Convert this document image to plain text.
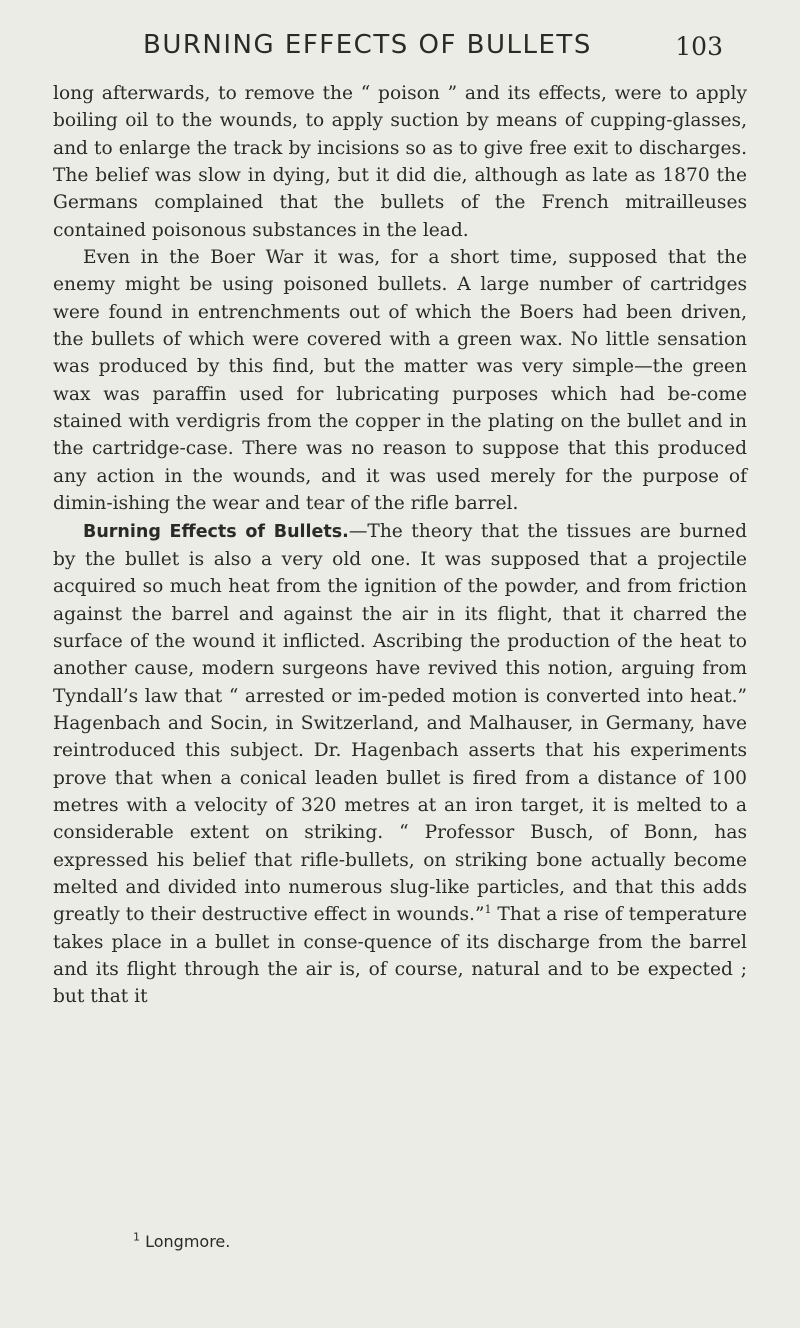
BURNING EFFECTS OF BULLETS	103

long afterwards, to remove the “ poison ” and its effects, were to apply boiling oil to the wounds, to apply suction by means of cupping-glasses, and to enlarge the track by incisions so as to give free exit to discharges. The belief was slow in dying, but it did die, although as late as 1870 the Germans complained that the bullets of the French mitrailleuses contained poisonous substances in the lead.

Even in the Boer War it was, for a short time, supposed that the enemy might be using poisoned bullets. A large number of cartridges were found in entrenchments out of which the Boers had been driven, the bullets of which were covered with a green wax. No little sensation was produced by this find, but the matter was very simple—the green wax was paraffin used for lubricating purposes which had be-come stained with verdigris from the copper in the plating on the bullet and in the cartridge-case. There was no reason to suppose that this produced any action in the wounds, and it was used merely for the purpose of dimin-ishing the wear and tear of the rifle barrel.

Burning Effects of Bullets.—The theory that the tissues are burned by the bullet is also a very old one. It was supposed that a projectile acquired so much heat from the ignition of the powder, and from friction against the barrel and against the air in its flight, that it charred the surface of the wound it inflicted. Ascribing the production of the heat to another cause, modern surgeons have revived this notion, arguing from Tyndall’s law that “ arrested or im-peded motion is converted into heat.” Hagenbach and Socin, in Switzerland, and Malhauser, in Germany, have reintroduced this subject. Dr. Hagenbach asserts that his experiments prove that when a conical leaden bullet is fired from a distance of 100 metres with a velocity of 320 metres at an iron target, it is melted to a considerable extent on striking. “ Professor Busch, of Bonn, has expressed his belief that rifle-bullets, on striking bone actually become melted and divided into numerous slug-like particles, and that this adds greatly to their destructive effect in wounds.”$^1$ That a rise of temperature takes place in a bullet in conse-quence of its discharge from the barrel and its flight through the air is, of course, natural and to be expected ; but that it

$^1$ Longmore.
